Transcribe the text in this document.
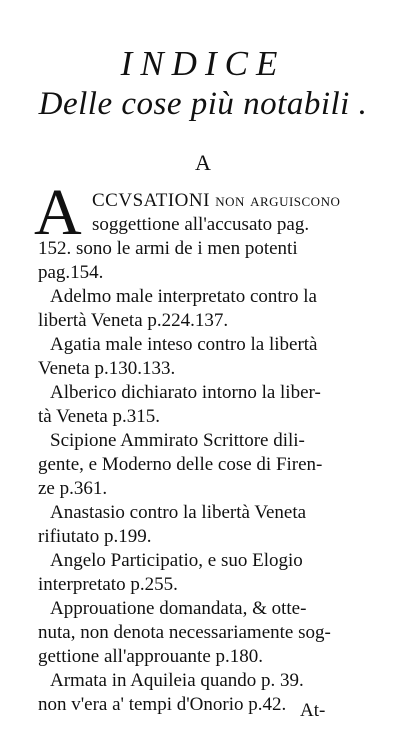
INDICE
Delle cose più notabili .
A
A CCVSATIONI non arguiscono
soggettione all'accusato pag.
152. sono le armi de i men potenti
pag.154.
Adelmo male interpretato contro la
libertà Veneta p.224.137.
Agatia male inteso contro la libertà
Veneta p.130.133.
Alberico dichiarato intorno la liber-
tà Veneta p.315.
Scipione Ammirato Scrittore dili-
gente, e Moderno delle cose di Firen-
ze p.361.
Anastasio contro la libertà Veneta
rifiutato p.199.
Angelo Participatio, e suo Elogio
interpretato p.255.
Approuatione domandata, & otte-
nuta, non denota necessariamente sog-
gettione all'approuante p.180.
Armata in Aquileia quando p. 39.
non v'era a' tempi d'Onorio p.42. At-
